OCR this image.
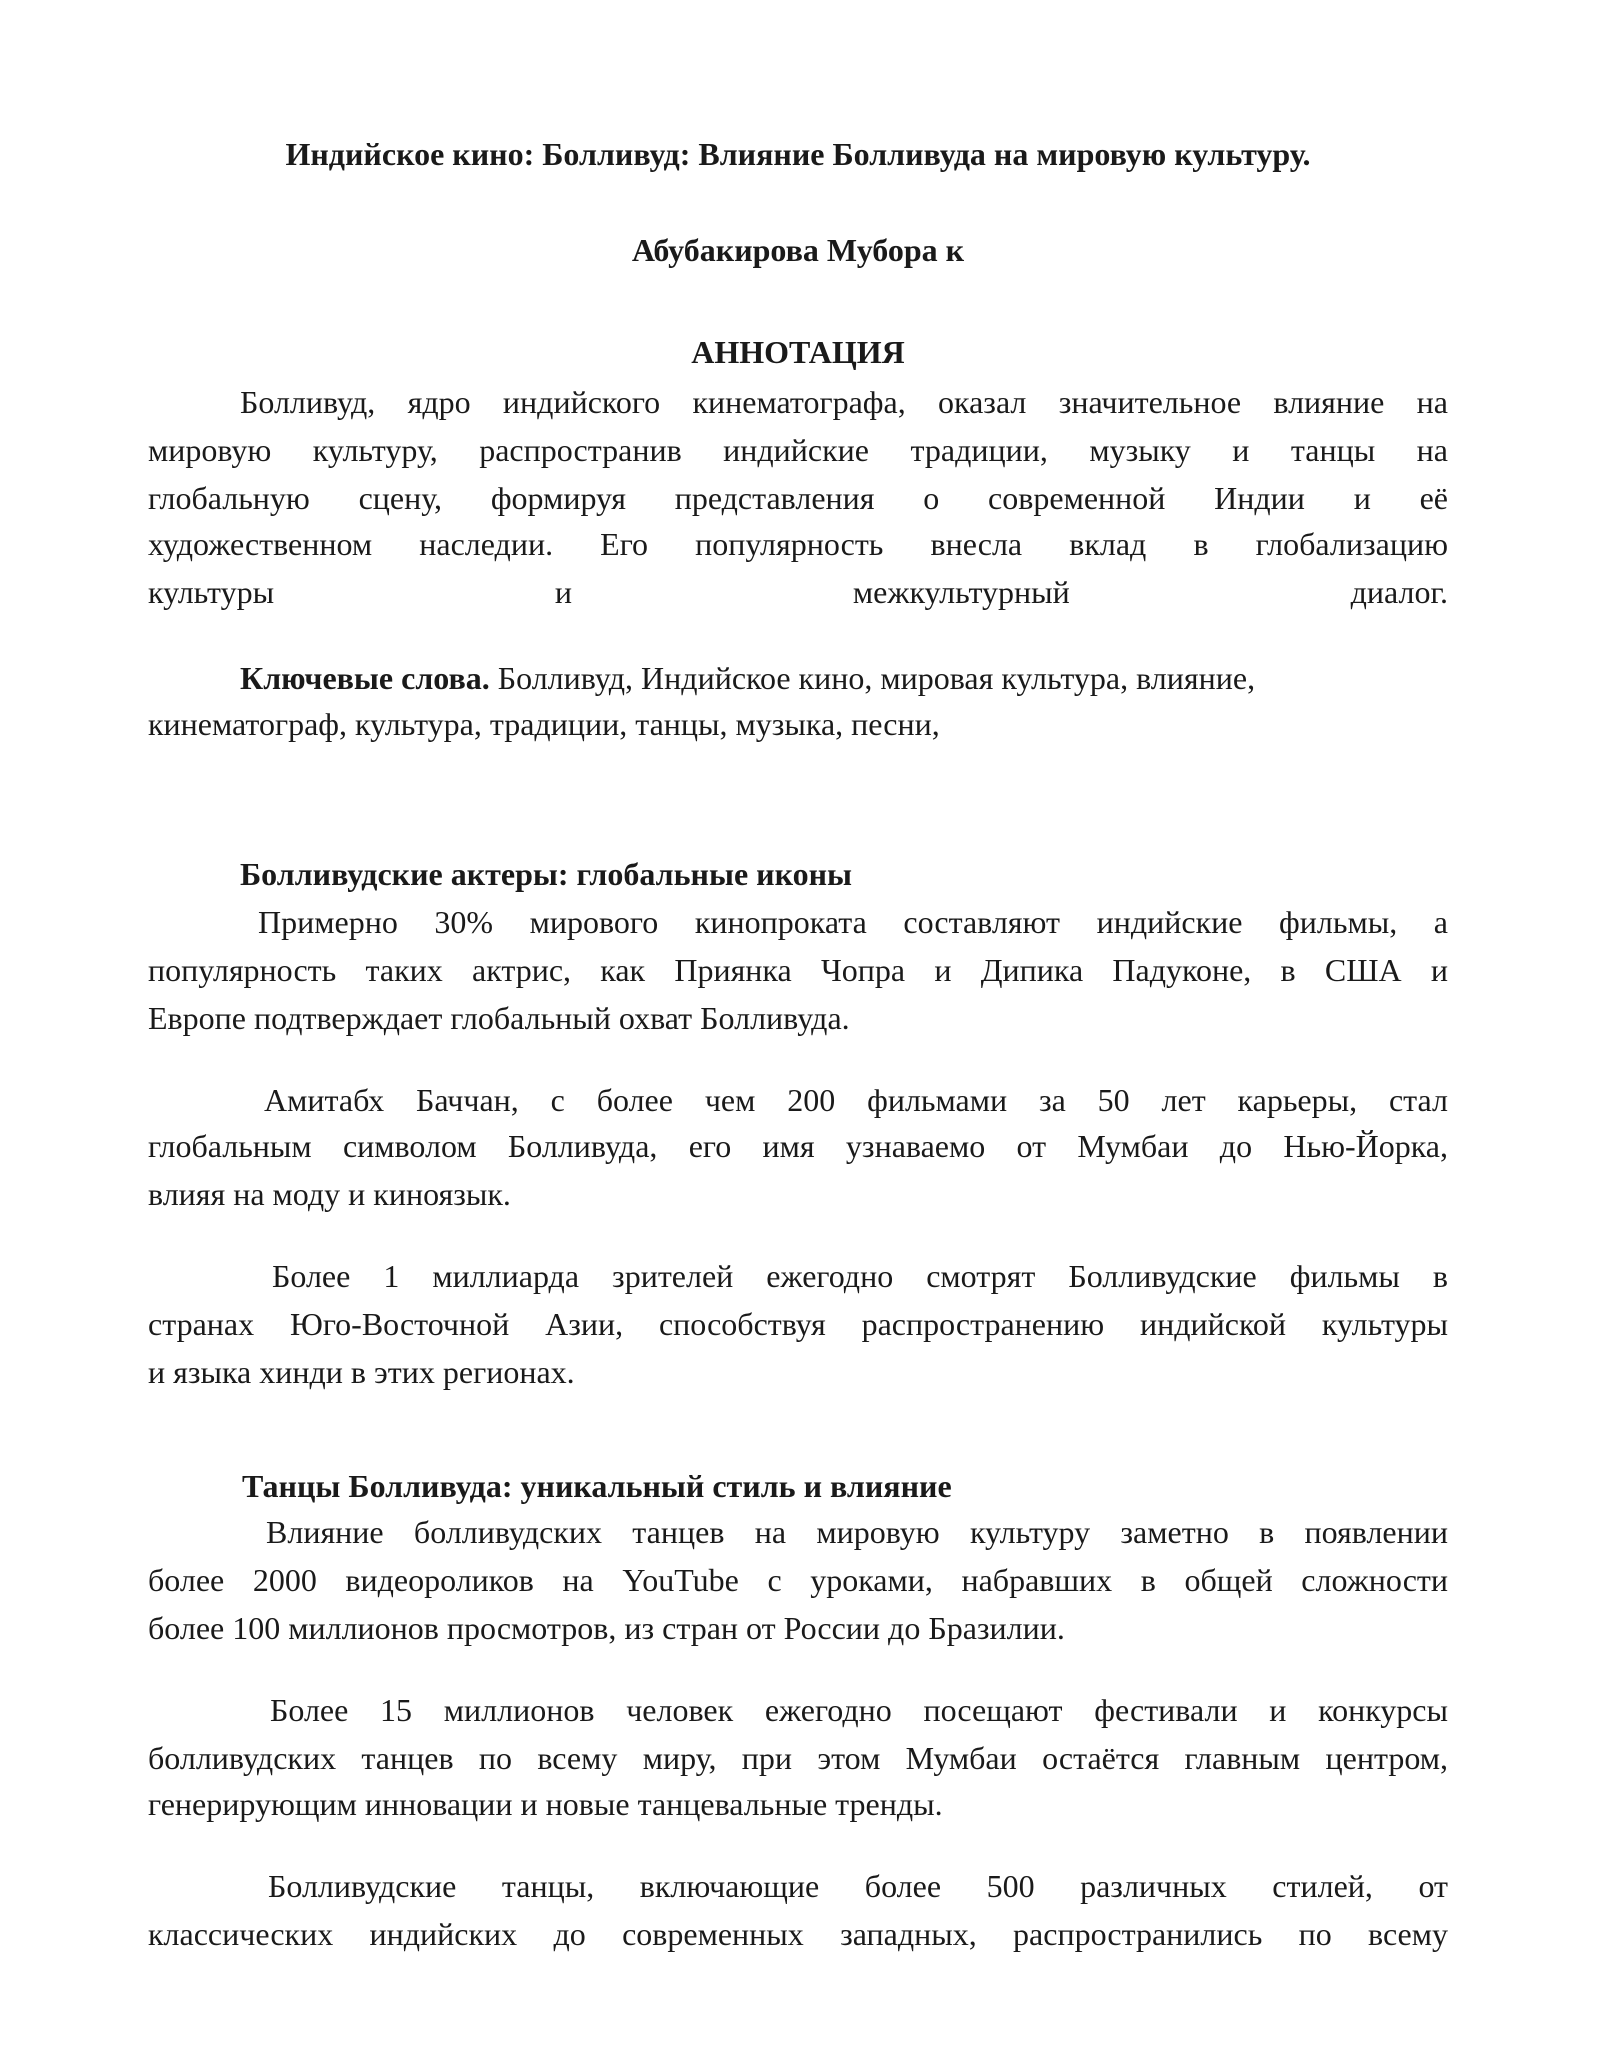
Индийское кино: Болливуд: Влияние Болливуда на мировую культуру.
Абубакирова Мубора к
АННОТАЦИЯ
Болливуд, ядро индийского кинематографа, оказал значительное влияние на
мировую культуру, распространив индийские традиции, музыку и танцы на
глобальную сцену, формируя представления о современной Индии и её
художественном наследии. Его популярность внесла вклад в глобализацию
культуры и межкультурный диалог.
Ключевые слова. Болливуд, Индийское кино, мировая культура, влияние,
кинематограф, культура, традиции, танцы, музыка, песни,
Болливудские актеры: глобальные иконы
Примерно 30% мирового кинопроката составляют индийские фильмы, а
популярность таких актрис, как Приянка Чопра и Дипика Падуконе, в США и
Европе подтверждает глобальный охват Болливуда.
Амитабх Баччан, с более чем 200 фильмами за 50 лет карьеры, стал
глобальным символом Болливуда, его имя узнаваемо от Мумбаи до Нью-Йорка,
влияя на моду и киноязык.
Более 1 миллиарда зрителей ежегодно смотрят Болливудские фильмы в
странах Юго-Восточной Азии, способствуя распространению индийской культуры
и языка хинди в этих регионах.
Танцы Болливуда: уникальный стиль и влияние
Влияние болливудских танцев на мировую культуру заметно в появлении
более 2000 видеороликов на YouTube с уроками, набравших в общей сложности
более 100 миллионов просмотров, из стран от России до Бразилии.
Более 15 миллионов человек ежегодно посещают фестивали и конкурсы
болливудских танцев по всему миру, при этом Мумбаи остаётся главным центром,
генерирующим инновации и новые танцевальные тренды.
Болливудские танцы, включающие более 500 различных стилей, от
классических индийских до современных западных, распространились по всему
